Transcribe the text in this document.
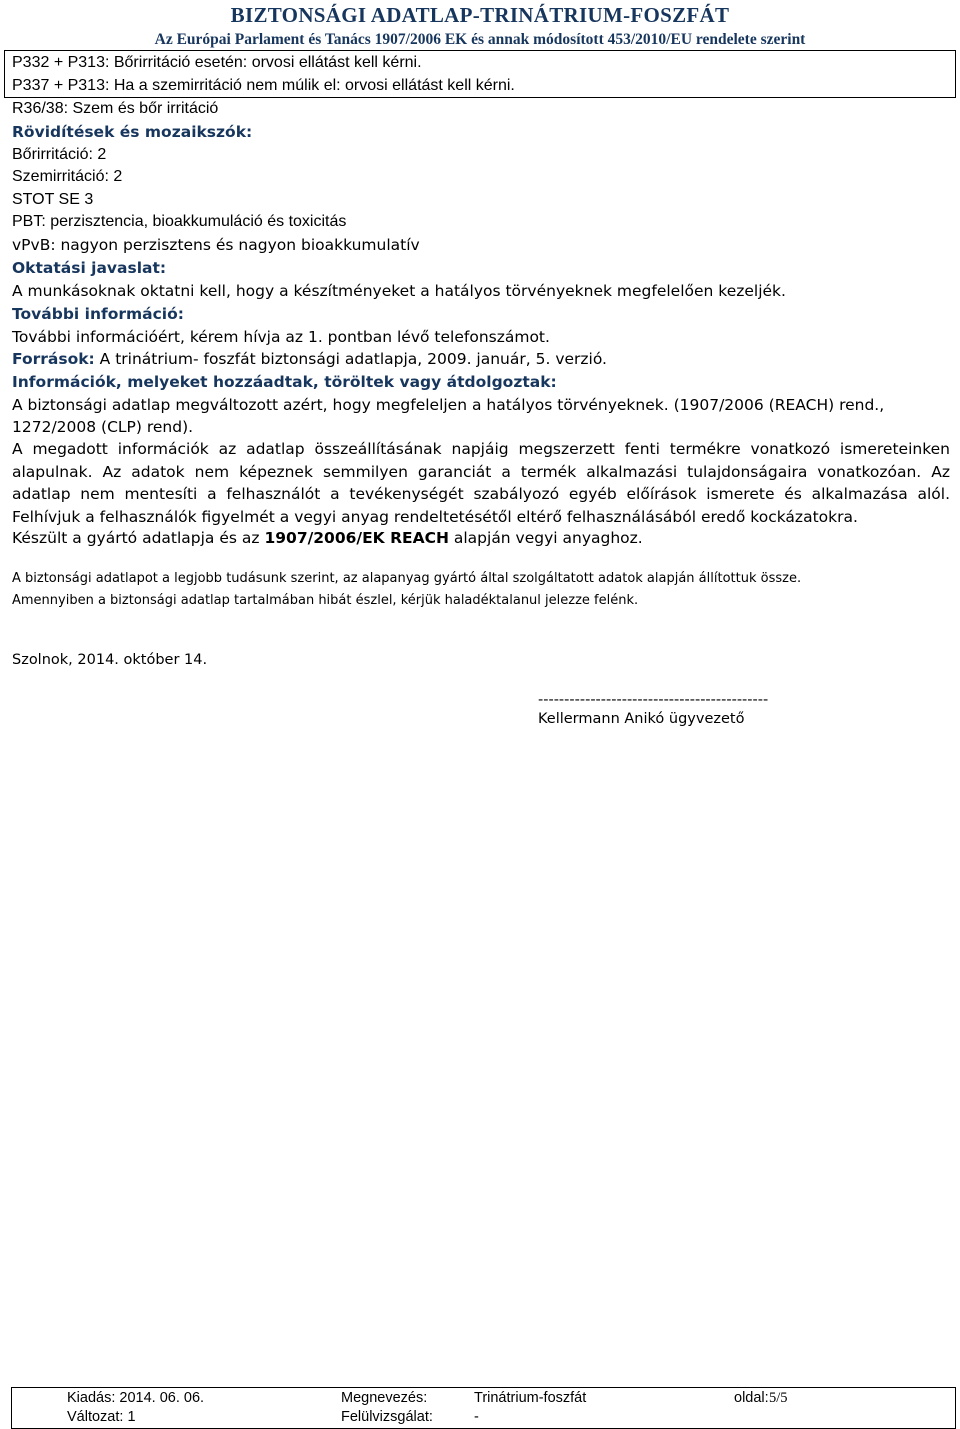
BIZTONSÁGI ADATLAP-TRINÁTRIUM-FOSZFÁT
Az Európai Parlament és Tanács 1907/2006 EK és annak módosított 453/2010/EU rendelete szerint
P332 + P313: Bőrirritáció esetén: orvosi ellátást kell kérni.
P337 + P313: Ha a szemirritáció nem múlik el: orvosi ellátást kell kérni.
R36/38: Szem és bőr irritáció
Rövidítések és mozaikszók:
Bőrirritáció: 2
Szemirritáció: 2
STOT SE 3
PBT: perzisztencia, bioakkumuláció és toxicitás
vPvB: nagyon perzisztens és nagyon bioakkumulatív
Oktatási javaslat:
A munkásoknak oktatni kell, hogy a készítményeket a hatályos törvényeknek megfelelően kezeljék.
További információ:
További információért, kérem hívja az 1. pontban lévő telefonszámot.
Források: A trinátrium- foszfát biztonsági adatlapja, 2009. január, 5. verzió.
Információk, melyeket hozzáadtak, töröltek vagy átdolgoztak:
A biztonsági adatlap megváltozott azért, hogy megfeleljen a hatályos törvényeknek. (1907/2006 (REACH) rend.,
1272/2008 (CLP) rend).
A megadott információk az adatlap összeállításának napjáig megszerzett fenti termékre vonatkozó ismereteinken alapulnak. Az adatok nem képeznek semmilyen garanciát a termék alkalmazási tulajdonságaira vonatkozóan. Az adatlap nem mentesíti a felhasználót a tevékenységét szabályozó egyéb előírások ismerete és alkalmazása alól. Felhívjuk a felhasználók figyelmét a vegyi anyag rendeltetésétől eltérő felhasználásából eredő kockázatokra.
Készült a gyártó adatlapja és az 1907/2006/EK REACH alapján vegyi anyaghoz.
A biztonsági adatlapot a legjobb tudásunk szerint, az alapanyag gyártó által szolgáltatott adatok alapján állítottuk össze.
Amennyiben a biztonsági adatlap tartalmában hibát észlel, kérjük haladéktalanul jelezze felénk.
Szolnok, 2014. október 14.
--------------------------------------------
Kellermann Anikó ügyvezető
Kiadás: 2014. 06. 06.
Változat: 1
Megnevezés:	Trinátrium-foszfát
Felülvizsgálat:	-
oldal: 5/5
